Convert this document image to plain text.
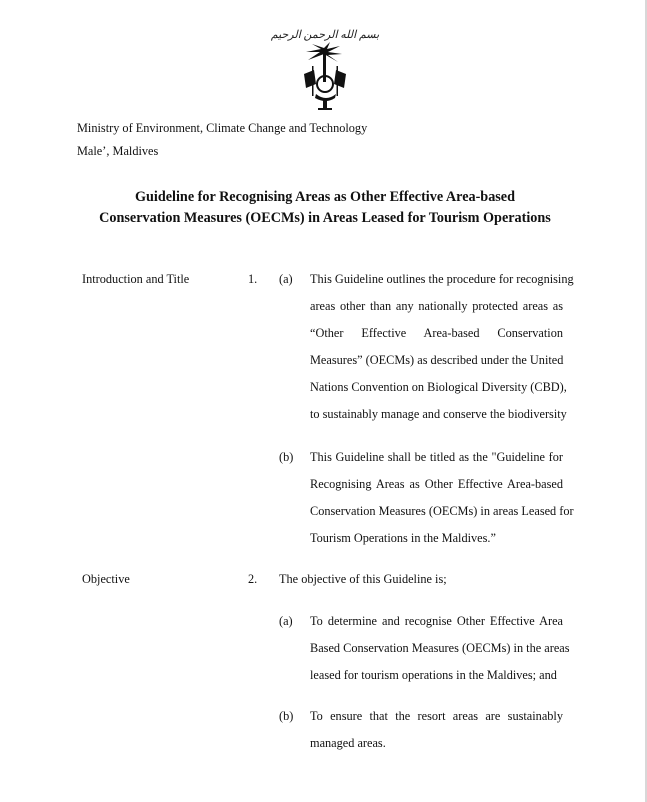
بسم الله الرحمن الرحيم
Ministry of Environment, Climate Change and Technology
Male’, Maldives
Guideline for Recognising Areas as Other Effective Area-based
Conservation Measures (OECMs) in Areas Leased for Tourism Operations
Introduction and Title	1. (a) This Guideline outlines the procedure for recognising
areas other than any nationally protected areas as
“Other Effective Area-based Conservation
Measures” (OECMs) as described under the United
Nations Convention on Biological Diversity (CBD),
to sustainably manage and conserve the biodiversity
(b) This Guideline shall be titled as the "Guideline for
Recognising Areas as Other Effective Area-based
Conservation Measures (OECMs) in areas Leased for
Tourism Operations in the Maldives.”
Objective	2. The objective of this Guideline is;
(a) To determine and recognise Other Effective Area
Based Conservation Measures (OECMs) in the areas
leased for tourism operations in the Maldives; and
(b) To ensure that the resort areas are sustainably
managed areas.
